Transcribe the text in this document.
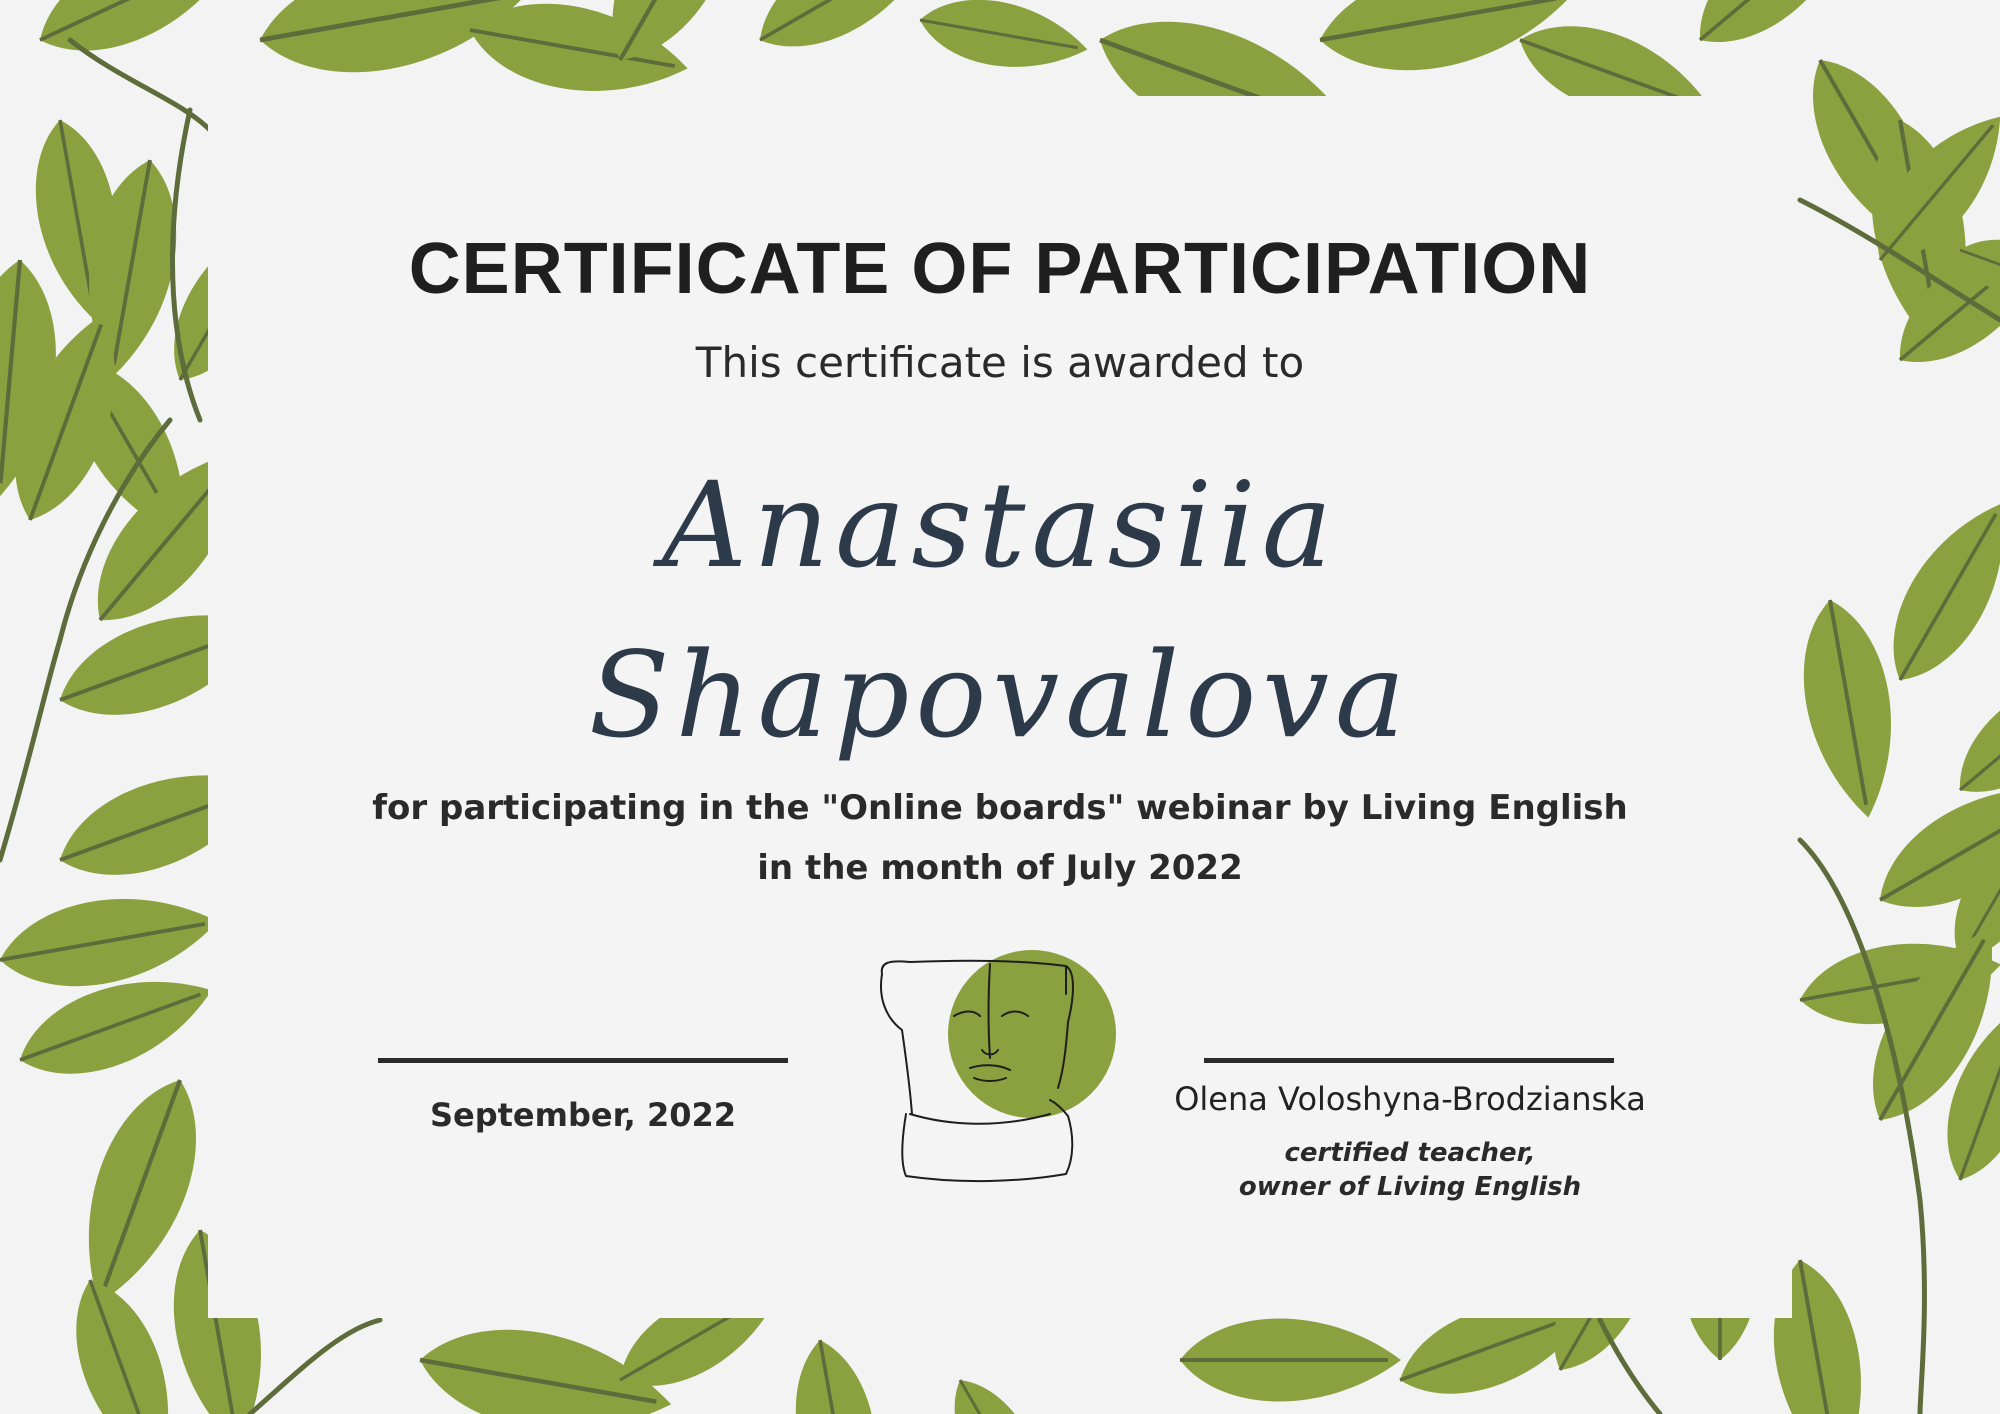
CERTIFICATE OF PARTICIPATION
This certificate is awarded to
Anastasiia
Shapovalova
for participating in the "Online boards" webinar by Living English
in the month of July 2022
September, 2022	Olena Voloshyna-Brodzianska
certified teacher,
owner of Living English
